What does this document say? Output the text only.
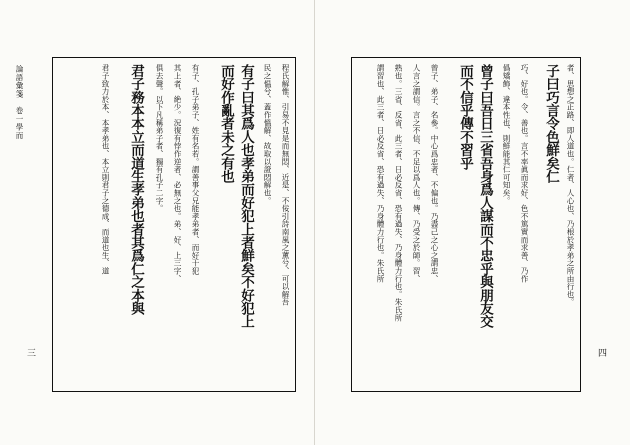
論語彙箋　卷一學而
三
程氏解惟、引易不見是而無悶、近是、不佞引詩南風之薰兮、可以解吾
民之愠兮、蓋作慍解、故取以證悶解也。
有子曰其爲人也孝弟而好犯上者鮮矣不好犯上
而好作亂者未之有也
有子、孔子弟子、姓有名若。謂善事父兄能孝弟者、而好干犯
其上者、絶少。況復有悖作逆者、必無之也。弟、好、上三字、
俱去聲。以下凡稱弟子者、獨有孔子二字。
君子務本本立而道生孝弟也者其爲仁之本與
君子致力於本、本孝弟也、本立則君子之德成、而道也生、道
四
者、思想之正路、即人道也。仁者、人心也、乃根於孝弟之所由行也。
子曰巧言令色鮮矣仁
巧、好也。令、善也。言不率眞而求好、色不篤實而求善、乃作
僞矯飾、違本性也、則鮮能其仁可知矣。
曾子曰吾日三省吾身爲人謀而不忠乎與朋友交
而不信乎傳不習乎
曾子、弟子、名參。中心爲忠者、不偏也。乃盡己之心之謂忠、
人言之謂信。言之不信、不足以爲人也。傳、乃受之於師。習、
熟也。三省、反省、此三者、日必反省、恐有過失、乃身體力行也。朱氏所
謂習也、此三者、日必反省、恐有過失、乃身體力行也。朱氏所
